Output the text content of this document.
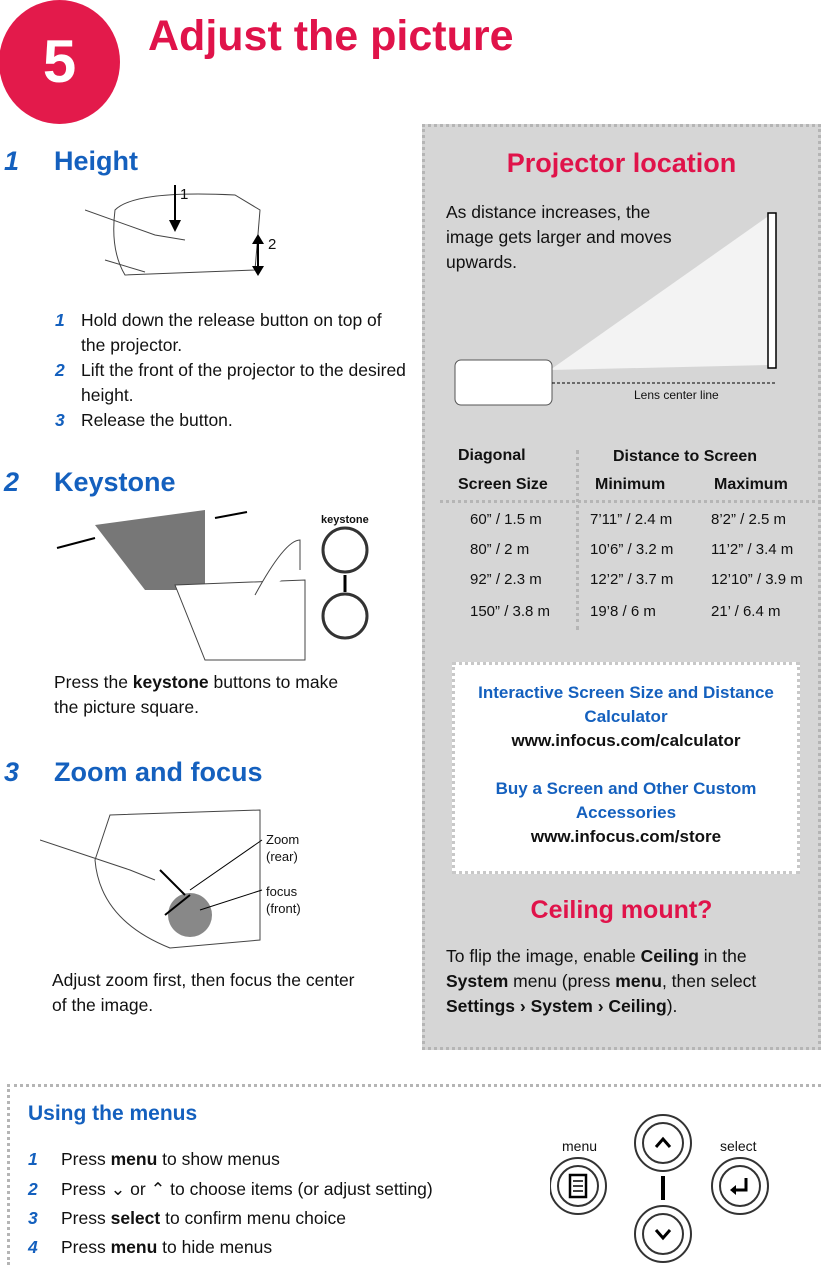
5	Adjust the picture
1 Height
1
2
1 Hold down the release button on top of the projector.
2 Lift the front of the projector to the desired height.
3 Release the button.
2 Keystone
keystone
Press the keystone buttons to make the picture square.
3 Zoom and focus
Zoom (rear)
focus (front)
Adjust zoom first, then focus the center of the image.
Projector location
As distance increases, the image gets larger and moves upwards.
Lens center line
Diagonal
Screen Size
Distance to Screen
Minimum	Maximum
60” / 1.5 m	7’11” / 2.4 m	8’2” / 2.5 m
80” / 2 m	10’6” / 3.2 m	11’2” / 3.4 m
92” / 2.3 m	12’2” / 3.7 m	12’10” / 3.9 m
150” / 3.8 m	19’8 / 6 m	21’ / 6.4 m
Interactive Screen Size and Distance Calculator
www.infocus.com/calculator
Buy a Screen and Other Custom Accessories
www.infocus.com/store
Ceiling mount?
To flip the image, enable Ceiling in the System menu (press menu, then select Settings › System › Ceiling).
Using the menus
1 Press menu to show menus
2 Press ⌄ or ⌃ to choose items (or adjust setting)
3 Press select to confirm menu choice
4 Press menu to hide menus
menu	select
